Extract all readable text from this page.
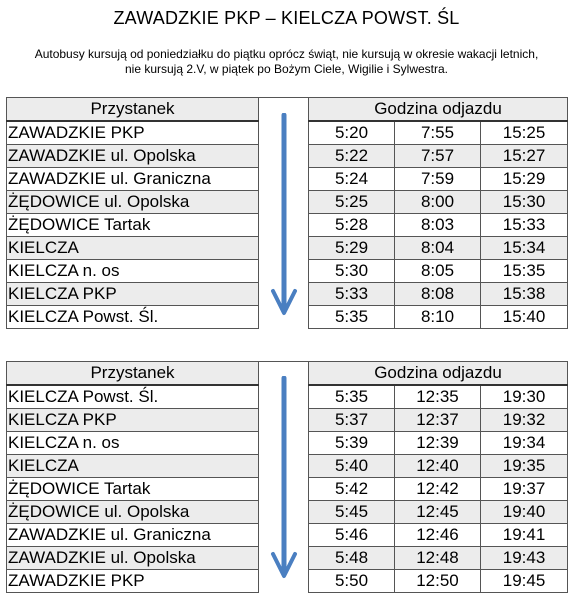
ZAWADZKIE PKP – KIELCZA POWST. ŚL
Autobusy kursują od poniedziałku do piątku oprócz świąt, nie kursują w okresie wakacji letnich,
nie kursują 2.V, w piątek po Bożym Ciele, Wigilie i Sylwestra.
Przystanek		Godzina odjazdu		
ZAWADZKIE PKP		5:20	7:55	15:25
ZAWADZKIE ul. Opolska		5:22	7:57	15:27
ZAWADZKIE ul. Graniczna		5:24	7:59	15:29
ŻĘDOWICE ul. Opolska		5:25	8:00	15:30
ŻĘDOWICE Tartak		5:28	8:03	15:33
KIELCZA		5:29	8:04	15:34
KIELCZA n. os		5:30	8:05	15:35
KIELCZA PKP		5:33	8:08	15:38
KIELCZA Powst. Śl.		5:35	8:10	15:40
Przystanek		Godzina odjazdu		
KIELCZA Powst. Śl.		5:35	12:35	19:30
KIELCZA PKP		5:37	12:37	19:32
KIELCZA n. os		5:39	12:39	19:34
KIELCZA		5:40	12:40	19:35
ŻĘDOWICE Tartak		5:42	12:42	19:37
ŻĘDOWICE ul. Opolska		5:45	12:45	19:40
ZAWADZKIE ul. Graniczna		5:46	12:46	19:41
ZAWADZKIE ul. Opolska		5:48	12:48	19:43
ZAWADZKIE PKP		5:50	12:50	19:45
